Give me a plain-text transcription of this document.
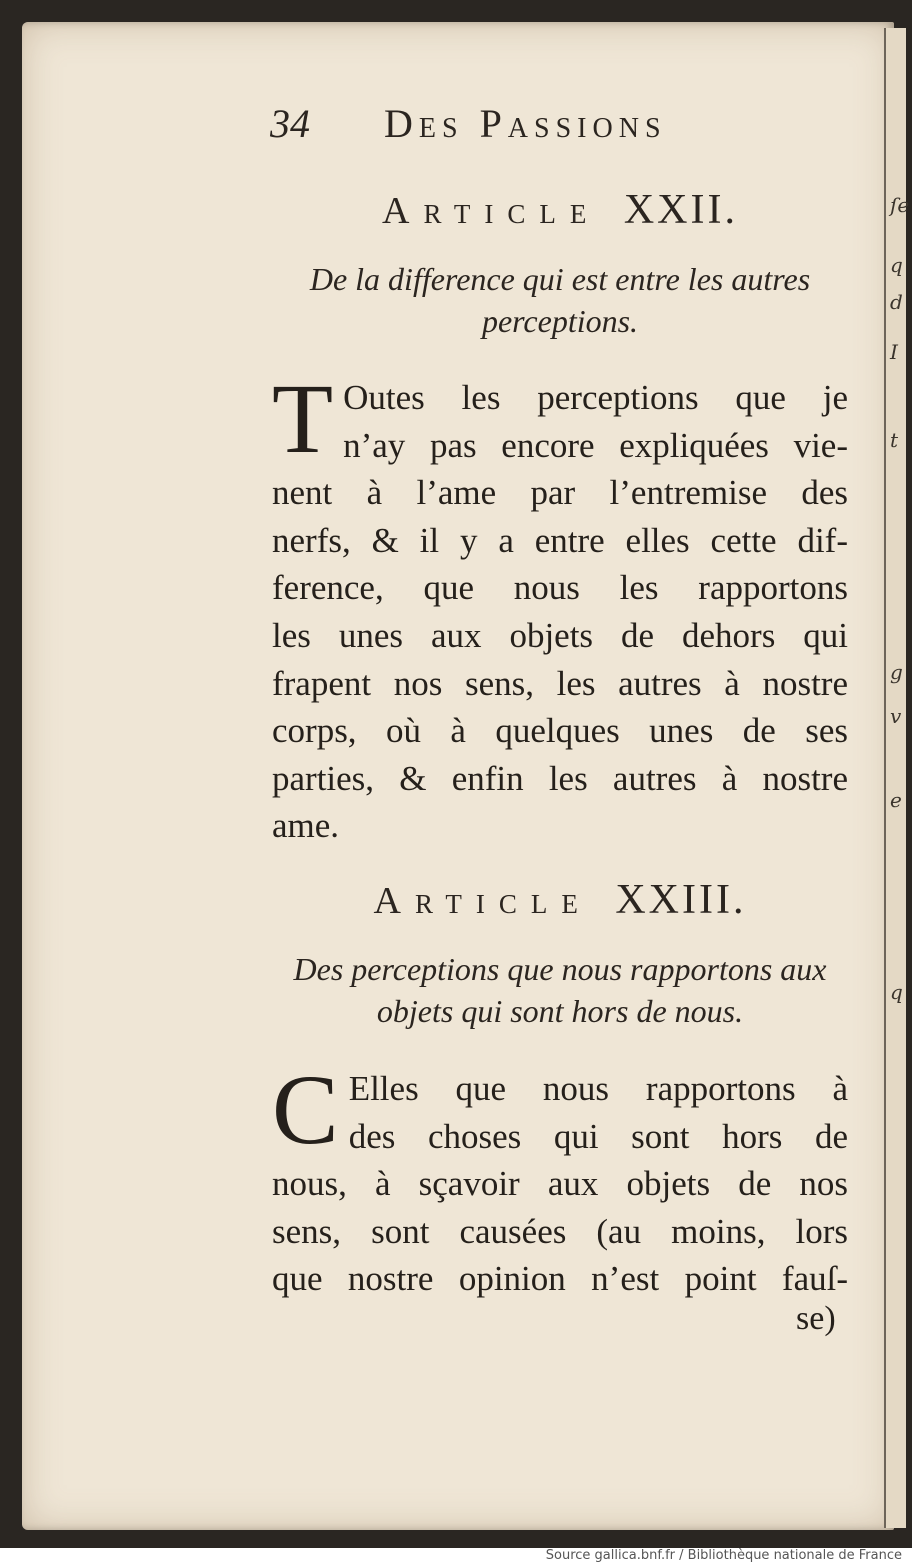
ſe
q
d
I
t
g
v
e
q
34 Des Passions
Article XXII.
De la difference qui est entre les autres
perceptions.
T Outes les perceptions que je
n’ay pas encore expliquées vie-
nent à l’ame par l’entremise des
nerfs, & il y a entre elles cette dif-
ference, que nous les rapportons
les unes aux objets de dehors qui
frapent nos sens, les autres à nostre
corps, où à quelques unes de ses
parties, & enfin les autres à nostre
ame.
Article XXIII.
Des perceptions que nous rapportons aux
objets qui sont hors de nous.
C Elles que nous rapportons à
des choses qui sont hors de
nous, à sçavoir aux objets de nos
sens, sont causées (au moins, lors
que nostre opinion n’est point fauſ-
se)
Source gallica.bnf.fr / Bibliothèque nationale de France
